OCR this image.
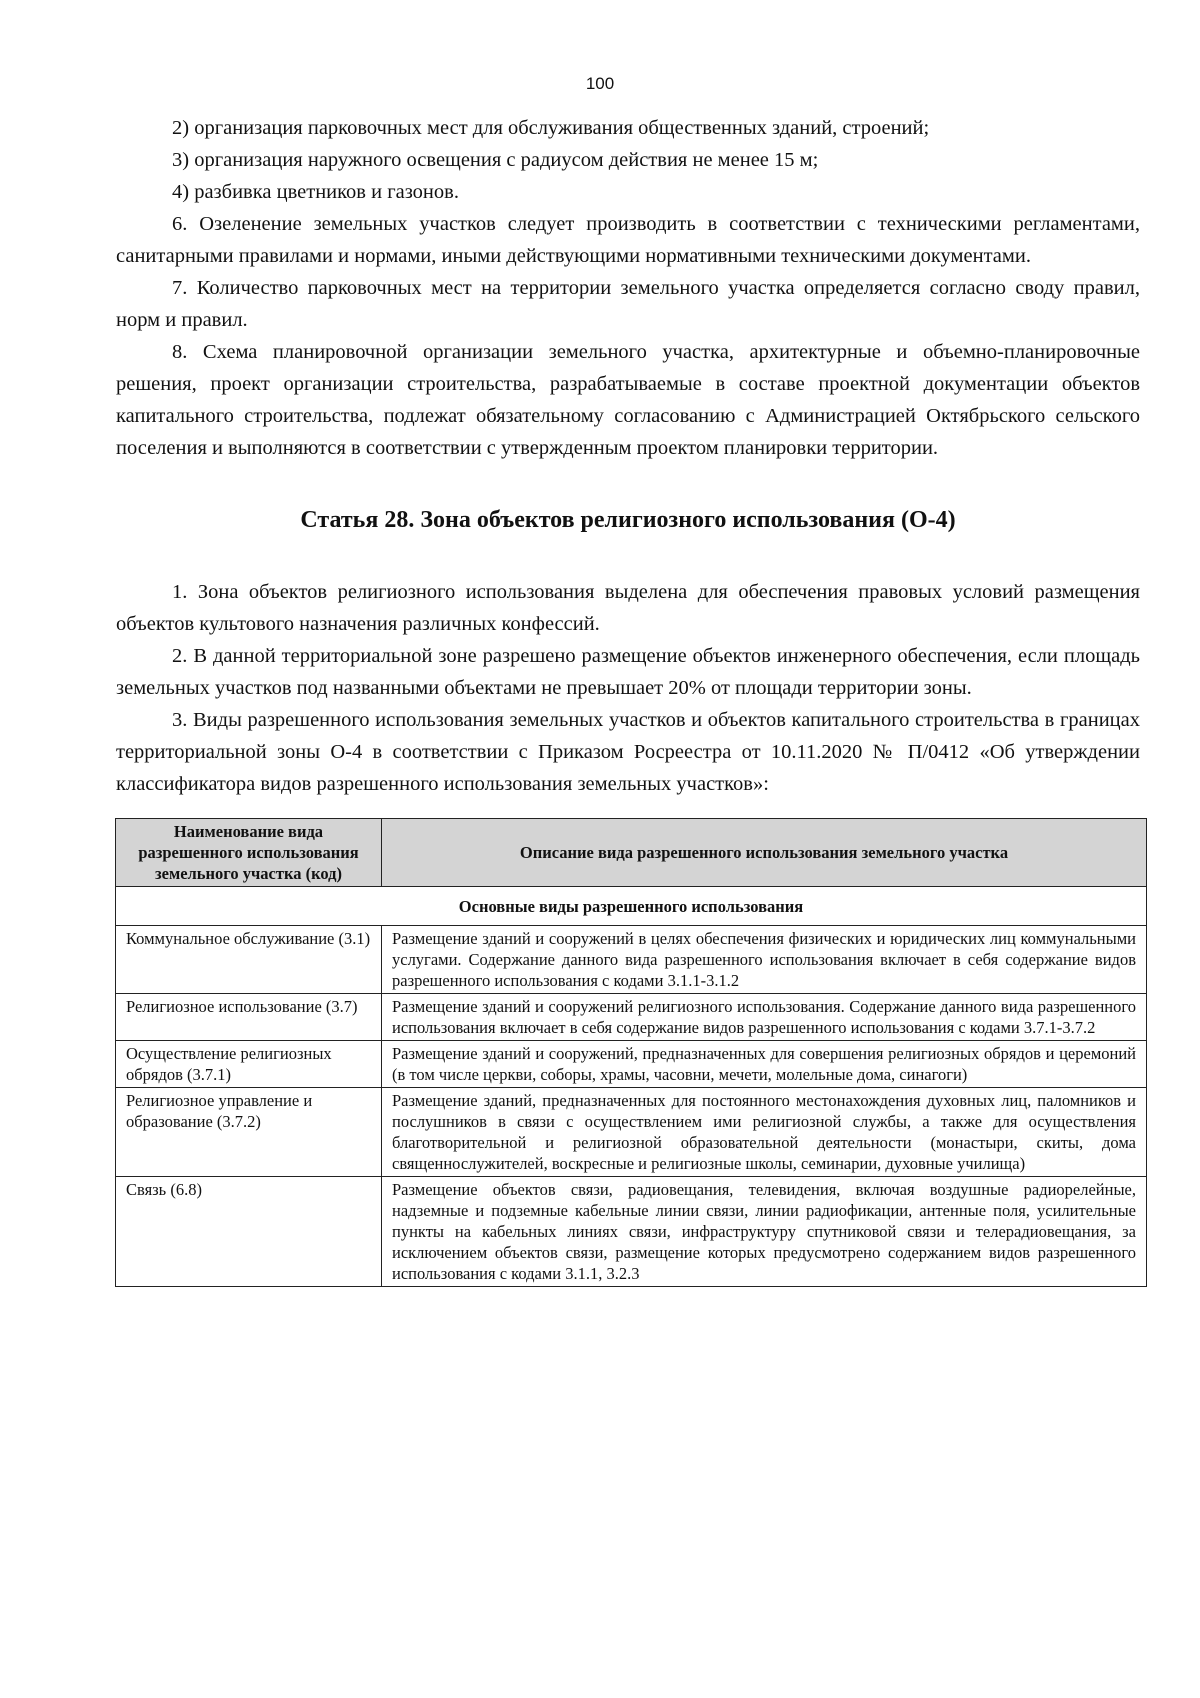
100

2) организация парковочных мест для обслуживания общественных зданий, строений;

3) организация наружного освещения с радиусом действия не менее 15 м;

4) разбивка цветников и газонов.

6. Озеленение земельных участков следует производить в соответствии с техническими регламентами, санитарными правилами и нормами, иными действующими нормативными техническими документами.

7. Количество парковочных мест на территории земельного участка определяется согласно своду правил, норм и правил.

8. Схема планировочной организации земельного участка, архитектурные и объемно-планировочные решения, проект организации строительства, разрабатываемые в составе проектной документации объектов капитального строительства, подлежат обязательному согласованию с Администрацией Октябрьского сельского поселения и выполняются в соответствии с утвержденным проектом планировки территории.

Статья 28. Зона объектов религиозного использования (О-4)

1. Зона объектов религиозного использования выделена для обеспечения правовых условий размещения объектов культового назначения различных конфессий.

2. В данной территориальной зоне разрешено размещение объектов инженерного обеспечения, если площадь земельных участков под названными объектами не превышает 20% от площади территории зоны.

3. Виды разрешенного использования земельных участков и объектов капитального строительства в границах территориальной зоны О-4 в соответствии с Приказом Росреестра от 10.11.2020 № П/0412 «Об утверждении классификатора видов разрешенного использования земельных участков»:

Наименование вида разрешенного использования земельного участка (код)	Описание вида разрешенного использования земельного участка
Основные виды разрешенного использования	
Коммунальное обслуживание (3.1)	Размещение зданий и сооружений в целях обеспечения физических и юридических лиц коммунальными услугами. Содержание данного вида разрешенного использования включает в себя содержание видов разрешенного использования с кодами 3.1.1-3.1.2
Религиозное использование (3.7)	Размещение зданий и сооружений религиозного использования. Содержание данного вида разрешенного использования включает в себя содержание видов разрешенного использования с кодами 3.7.1-3.7.2
Осуществление религиозных обрядов (3.7.1)	Размещение зданий и сооружений, предназначенных для совершения религиозных обрядов и церемоний (в том числе церкви, соборы, храмы, часовни, мечети, молельные дома, синагоги)
Религиозное управление и образование (3.7.2)	Размещение зданий, предназначенных для постоянного местонахождения духовных лиц, паломников и послушников в связи с осуществлением ими религиозной службы, а также для осуществления благотворительной и религиозной образовательной деятельности (монастыри, скиты, дома священнослужителей, воскресные и религиозные школы, семинарии, духовные училища)
Связь (6.8)	Размещение объектов связи, радиовещания, телевидения, включая воздушные радиорелейные, надземные и подземные кабельные линии связи, линии радиофикации, антенные поля, усилительные пункты на кабельных линиях связи, инфраструктуру спутниковой связи и телерадиовещания, за исключением объектов связи, размещение которых предусмотрено содержанием видов разрешенного использования с кодами 3.1.1, 3.2.3
